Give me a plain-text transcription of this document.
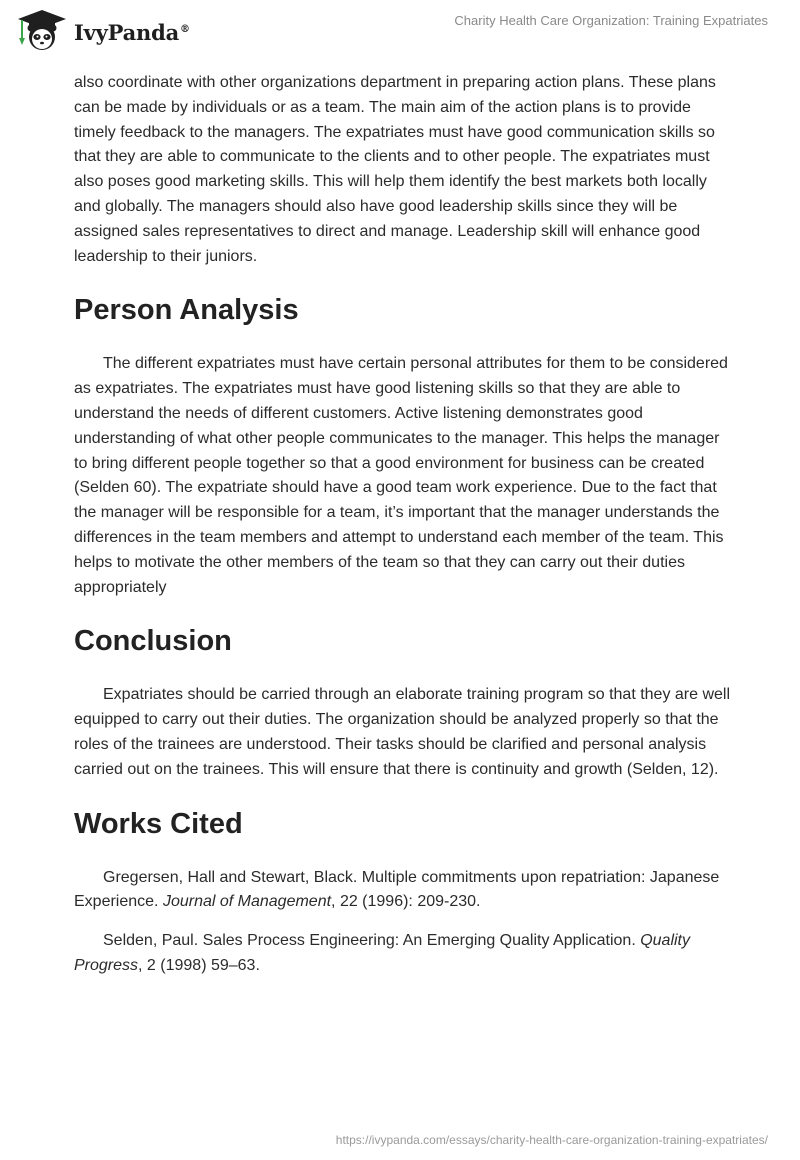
IvyPanda®
Charity Health Care Organization: Training Expatriates

also coordinate with other organizations department in preparing action plans. These plans can be made by individuals or as a team. The main aim of the action plans is to provide timely feedback to the managers. The expatriates must have good communication skills so that they are able to communicate to the clients and to other people. The expatriates must also poses good marketing skills. This will help them identify the best markets both locally and globally. The managers should also have good leadership skills since they will be assigned sales representatives to direct and manage. Leadership skill will enhance good leadership to their juniors.

Person Analysis

The different expatriates must have certain personal attributes for them to be considered as expatriates. The expatriates must have good listening skills so that they are able to understand the needs of different customers. Active listening demonstrates good understanding of what other people communicates to the manager. This helps the manager to bring different people together so that a good environment for business can be created (Selden 60). The expatriate should have a good team work experience. Due to the fact that the manager will be responsible for a team, it’s important that the manager understands the differences in the team members and attempt to understand each member of the team. This helps to motivate the other members of the team so that they can carry out their duties appropriately

Conclusion

Expatriates should be carried through an elaborate training program so that they are well equipped to carry out their duties. The organization should be analyzed properly so that the roles of the trainees are understood. Their tasks should be clarified and personal analysis carried out on the trainees. This will ensure that there is continuity and growth (Selden, 12).

Works Cited

Gregersen, Hall and Stewart, Black. Multiple commitments upon repatriation: Japanese Experience. Journal of Management, 22 (1996): 209-230.

Selden, Paul. Sales Process Engineering: An Emerging Quality Application. Quality Progress, 2 (1998) 59–63.

https://ivypanda.com/essays/charity-health-care-organization-training-expatriates/
